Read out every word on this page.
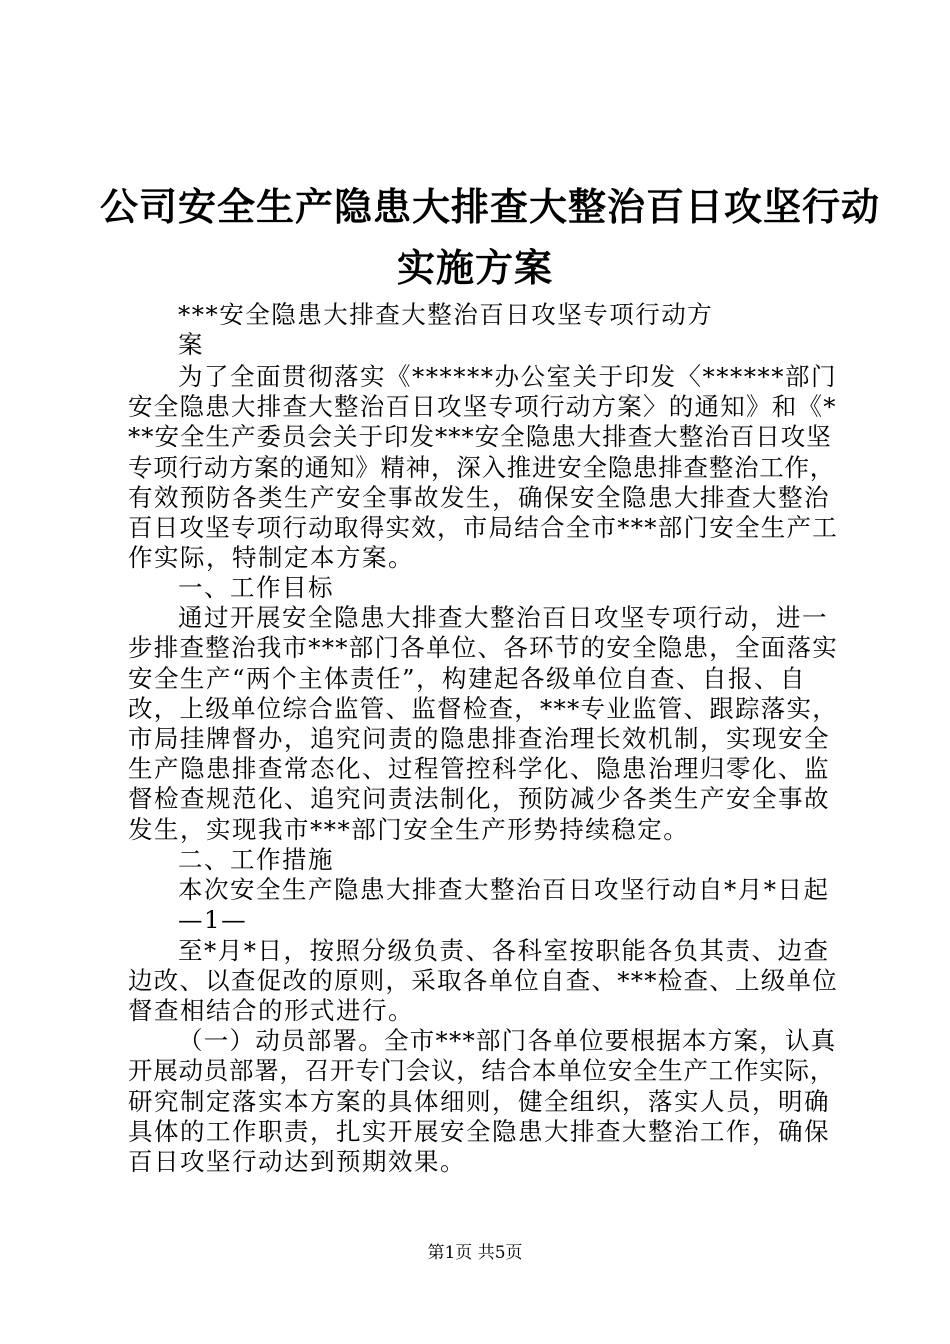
公司安全生产隐患大排查大整治百日攻坚行动
实施方案
***安全隐患大排查大整治百日攻坚专项行动方
案
为了全面贯彻落实《******办公室关于印发〈******部门
安全隐患大排查大整治百日攻坚专项行动方案〉的通知》和《*
**安全生产委员会关于印发***安全隐患大排查大整治百日攻坚
专项行动方案的通知》精神，深入推进安全隐患排查整治工作，
有效预防各类生产安全事故发生，确保安全隐患大排查大整治
百日攻坚专项行动取得实效，市局结合全市***部门安全生产工
作实际，特制定本方案。
一、工作目标
通过开展安全隐患大排查大整治百日攻坚专项行动，进一
步排查整治我市***部门各单位、各环节的安全隐患，全面落实
安全生产“两个主体责任”，构建起各级单位自查、自报、自
改，上级单位综合监管、监督检查，***专业监管、跟踪落实，
市局挂牌督办，追究问责的隐患排查治理长效机制，实现安全
生产隐患排查常态化、过程管控科学化、隐患治理归零化、监
督检查规范化、追究问责法制化，预防减少各类生产安全事故
发生，实现我市***部门安全生产形势持续稳定。
二、工作措施
本次安全生产隐患大排查大整治百日攻坚行动自*月*日起
—1—
至*月*日，按照分级负责、各科室按职能各负其责、边查
边改、以查促改的原则，采取各单位自查、***检查、上级单位
督查相结合的形式进行。
（一）动员部署。全市***部门各单位要根据本方案，认真
开展动员部署，召开专门会议，结合本单位安全生产工作实际，
研究制定落实本方案的具体细则，健全组织，落实人员，明确
具体的工作职责，扎实开展安全隐患大排查大整治工作，确保
百日攻坚行动达到预期效果。
第1页 共5页
